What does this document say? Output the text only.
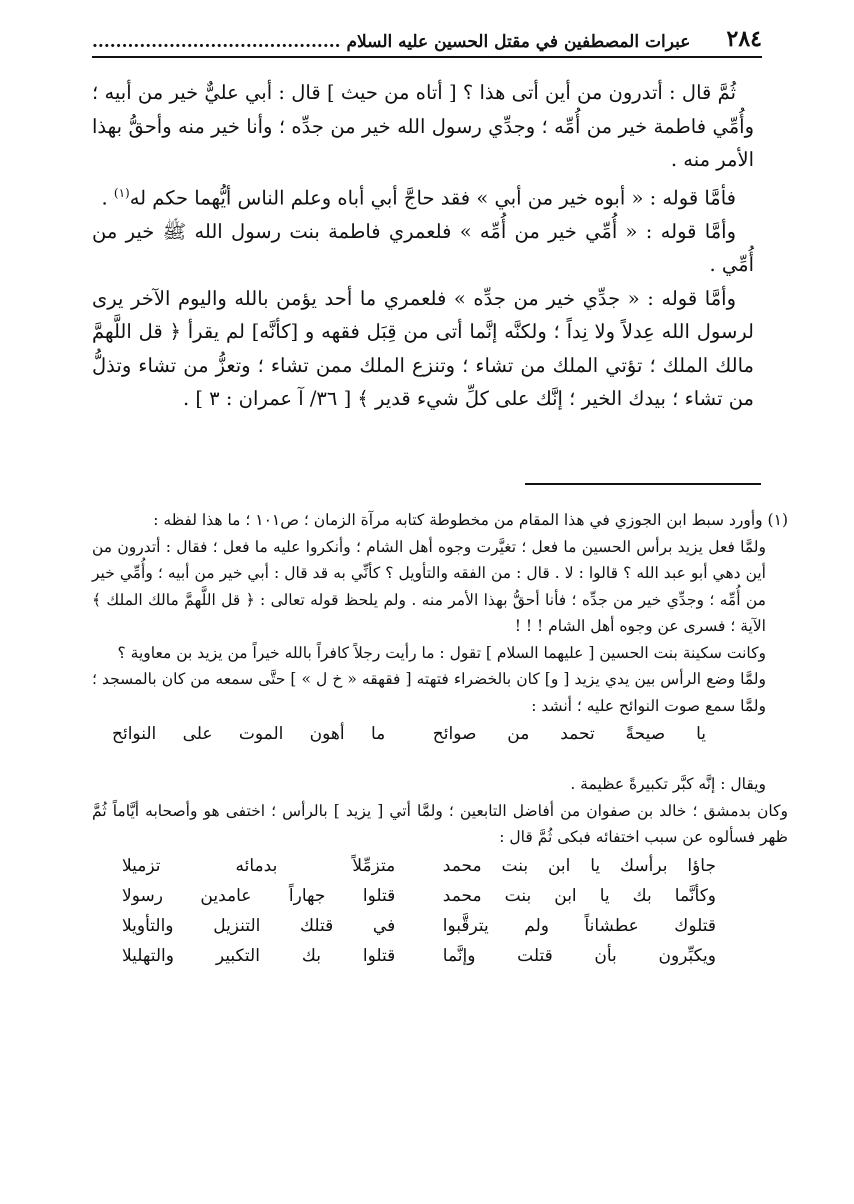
٢٨٤
عبرات المصطفين في مقتل الحسين عليه السلام ..........................................

ثُمَّ قال : أتدرون من أين أتى هذا ؟ [ أتاه من حيث ] قال : أبي عليٌّ خير من أبيه ؛ وأُمِّي فاطمة خير من أُمِّه ؛ وجدِّي رسول الله خير من جدِّه ؛ وأنا خير منه وأحقُّ بهذا الأمر منه .

فأمَّا قوله : « أبوه خير من أبي » فقد حاجَّ أبي أباه وعلم الناس أيُّهما حكم له$^{(١)}$ .

وأمَّا قوله : « أُمِّي خير من أُمِّه » فلعمري فاطمة بنت رسول الله ﷺ خير من أُمِّي .

وأمَّا قوله : « جدِّي خير من جدِّه » فلعمري ما أحد يؤمن بالله واليوم الآخر يرى لرسول الله عِدلاً ولا نِداً ؛ ولكنَّه إنَّما أتى من قِبَل فقهه و [كأنَّه] لم يقرأ ﴿ قل اللَّهمَّ مالك الملك ؛ تؤتي الملك من تشاء ؛ وتنزع الملك ممن تشاء ؛ وتعزُّ من تشاء وتذلُّ من تشاء ؛ بيدك الخير ؛ إنَّك على كلِّ شيء قدير ﴾ [ ٣٦/ آ عمران : ٣ ] .

(١) وأورد سبط ابن الجوزي في هذا المقام من مخطوطة كتابه مرآة الزمان ؛ ص١٠١ ؛ ما هذا لفظه :

ولمَّا فعل يزيد برأس الحسين ما فعل ؛ تغيَّرت وجوه أهل الشام ؛ وأنكروا عليه ما فعل ؛ فقال : أتدرون من أين دهي أبو عبد الله ؟ قالوا : لا . قال : من الفقه والتأويل ؟ كأنِّي به قد قال : أبي خير من أبيه ؛ وأُمِّي خير من أُمِّه ؛ وجدِّي خير من جدِّه ؛ فأنا أحقُّ بهذا الأمر منه . ولم يلحظ قوله تعالى : ﴿ قل اللَّهمَّ مالك الملك ﴾ الآية ؛ فسرى عن وجوه أهل الشام ! ! !

وكانت سكينة بنت الحسين [ عليهما السلام ] تقول : ما رأيت رجلاً كافراً بالله خيراً من يزيد بن معاوية ؟

ولمَّا وضع الرأس بين يدي يزيد [ و] كان بالخضراء فتهته [ فقهقه « خ ل » ] حتَّى سمعه من كان بالمسجد ؛ ولمَّا سمع صوت النوائح عليه ؛ أنشد :

يا صيحةً تحمد من صوائح
ما أهون الموت على النوائح

ويقال : إنَّه كبَّر تكبيرةً عظيمة .

وكان بدمشق ؛ خالد بن صفوان من أفاضل التابعين ؛ ولمَّا أتي [ يزيد ] بالرأس ؛ اختفى هو وأصحابه أيَّاماً ثُمَّ ظهر فسألوه عن سبب اختفائه فبكى ثُمَّ قال :

جاؤا برأسك يا ابن بنت محمد
متزمِّلاً بدمائه تزميلا
وكأنَّما بك يا ابن بنت محمد
قتلوا جهاراً عامدين رسولا
قتلوك عطشاناً ولم يترقَّبوا
في قتلك التنزيل والتأويلا
ويكبِّرون بأن قتلت وإنَّما
قتلوا بك التكبير والتهليلا
